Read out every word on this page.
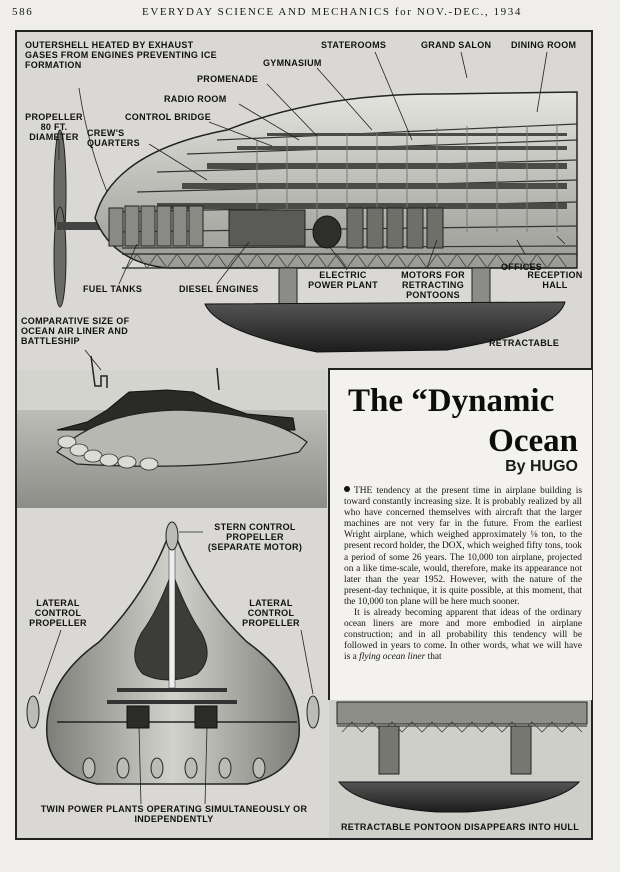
586	EVERYDAY SCIENCE AND MECHANICS for NOV.-DEC., 1934
OUTERSHELL HEATED BY EXHAUST GASES FROM ENGINES PREVENTING ICE FORMATION
STATEROOMS	GRAND SALON DINING ROOM
GYMNASIUM
PROMENADE
RADIO ROOM
CONTROL BRIDGE
PROPELLER 80 FT. DIAMETER CREW'S QUARTERS
FUEL TANKS	DIESEL ENGINES
ELECTRIC POWER PLANT
MOTORS FOR RETRACTING PONTOONS
OFFICES
RECEPTION HALL
RETRACTABLE
COMPARATIVE SIZE OF OCEAN AIR LINER AND BATTLESHIP
STERN CONTROL PROPELLER (SEPARATE MOTOR)
LATERAL CONTROL PROPELLER
LATERAL CONTROL PROPELLER
TWIN POWER PLANTS OPERATING SIMULTANEOUSLY OR INDEPENDENTLY
RETRACTABLE PONTOON DISAPPEARS INTO HULL
The “Dynamic
Ocean
By HUGO

THE tendency at the present time in airplane building is toward constantly increasing size. It is probably realized by all who have concerned themselves with aircraft that the larger machines are not very far in the future. From the earliest Wright airplane, which weighed approximately ⅛ ton, to the present record holder, the DOX, which weighed fifty tons, took a period of some 26 years. The 10,000 ton airplane, projected on a like time-scale, would, therefore, make its appearance not later than the year 1952. However, with the nature of the present-day technique, it is quite possible, at this moment, that the 10,000 ton plane will be here much sooner.

It is already becoming apparent that ideas of the ordinary ocean liners are more and more embodied in airplane construction; and in all probability this tendency will be followed in years to come. In other words, what we will have is a flying ocean liner that
